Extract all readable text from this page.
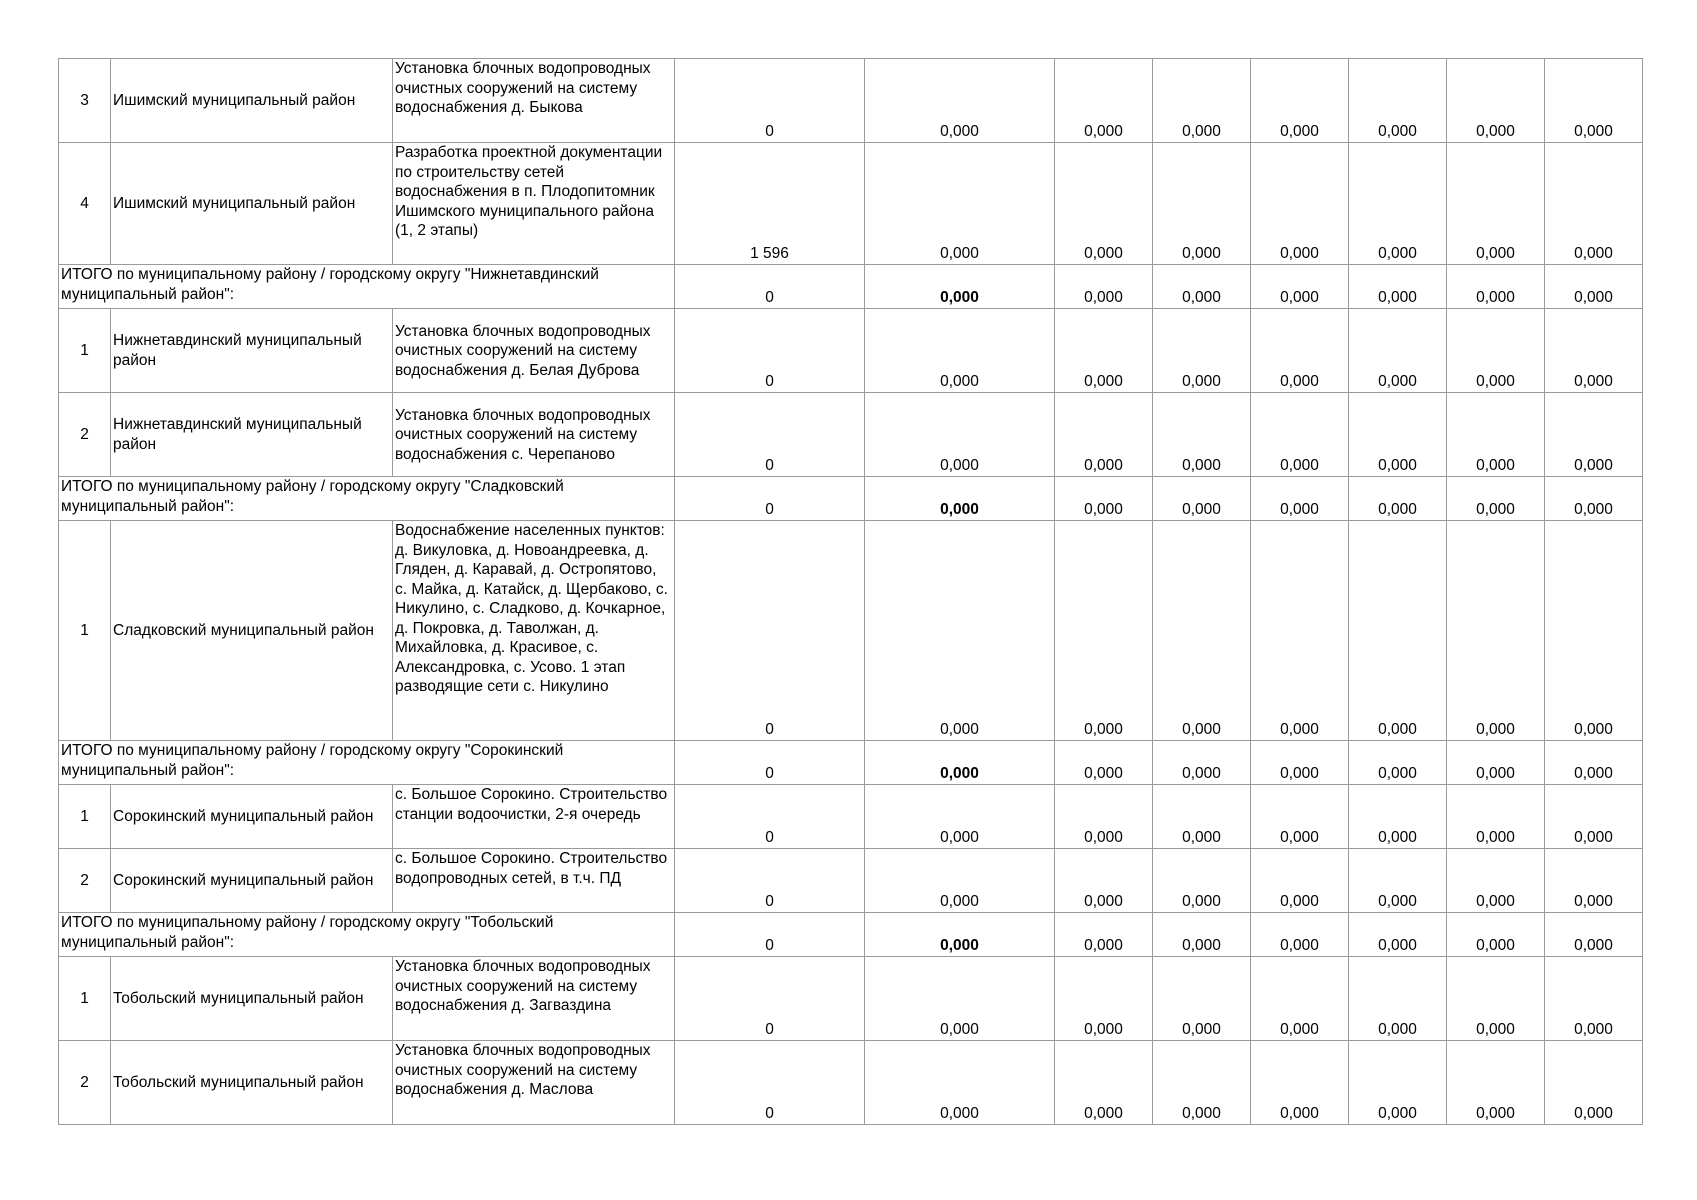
3	Ишимский муниципальный район	Установка блочных водопроводных очистных сооружений на систему водоснабжения д. Быкова	0	0,000	0,000	0,000	0,000	0,000	0,000	0,000
4	Ишимский муниципальный район	Разработка проектной документации по строительству сетей водоснабжения в п. Плодопитомник Ишимского муниципального района (1, 2 этапы)	1 596	0,000	0,000	0,000	0,000	0,000	0,000	0,000
ИТОГО по муниципальному району / городскому округу "Нижнетавдинский муниципальный район":			0	0,000	0,000	0,000	0,000	0,000	0,000	0,000
1	Нижнетавдинский муниципальный район	Установка блочных водопроводных очистных сооружений на систему водоснабжения д. Белая Дуброва	0	0,000	0,000	0,000	0,000	0,000	0,000	0,000
2	Нижнетавдинский муниципальный район	Установка блочных водопроводных очистных сооружений на систему водоснабжения с. Черепаново	0	0,000	0,000	0,000	0,000	0,000	0,000	0,000
ИТОГО по муниципальному району / городскому округу "Сладковский муниципальный район":			0	0,000	0,000	0,000	0,000	0,000	0,000	0,000
1	Сладковский муниципальный район	Водоснабжение населенных пунктов: д. Викуловка, д. Новоандреевка, д. Гляден, д. Каравай, д. Остропятово, с. Майка, д. Катайск, д. Щербаково, с. Никулино, с. Сладково, д. Кочкарное, д. Покровка, д. Таволжан, д. Михайловка, д. Красивое, с. Александровка, с. Усово. 1 этап разводящие сети с. Никулино	0	0,000	0,000	0,000	0,000	0,000	0,000	0,000
ИТОГО по муниципальному району / городскому округу "Сорокинский муниципальный район":			0	0,000	0,000	0,000	0,000	0,000	0,000	0,000
1	Сорокинский муниципальный район	с. Большое Сорокино. Строительство станции водоочистки, 2-я очередь	0	0,000	0,000	0,000	0,000	0,000	0,000	0,000
2	Сорокинский муниципальный район	с. Большое Сорокино. Строительство водопроводных сетей, в т.ч. ПД	0	0,000	0,000	0,000	0,000	0,000	0,000	0,000
ИТОГО по муниципальному району / городскому округу "Тобольский муниципальный район":			0	0,000	0,000	0,000	0,000	0,000	0,000	0,000
1	Тобольский муниципальный район	Установка блочных водопроводных очистных сооружений на систему водоснабжения д. Загваздина	0	0,000	0,000	0,000	0,000	0,000	0,000	0,000
2	Тобольский муниципальный район	Установка блочных водопроводных очистных сооружений на систему водоснабжения д. Маслова	0	0,000	0,000	0,000	0,000	0,000	0,000	0,000
